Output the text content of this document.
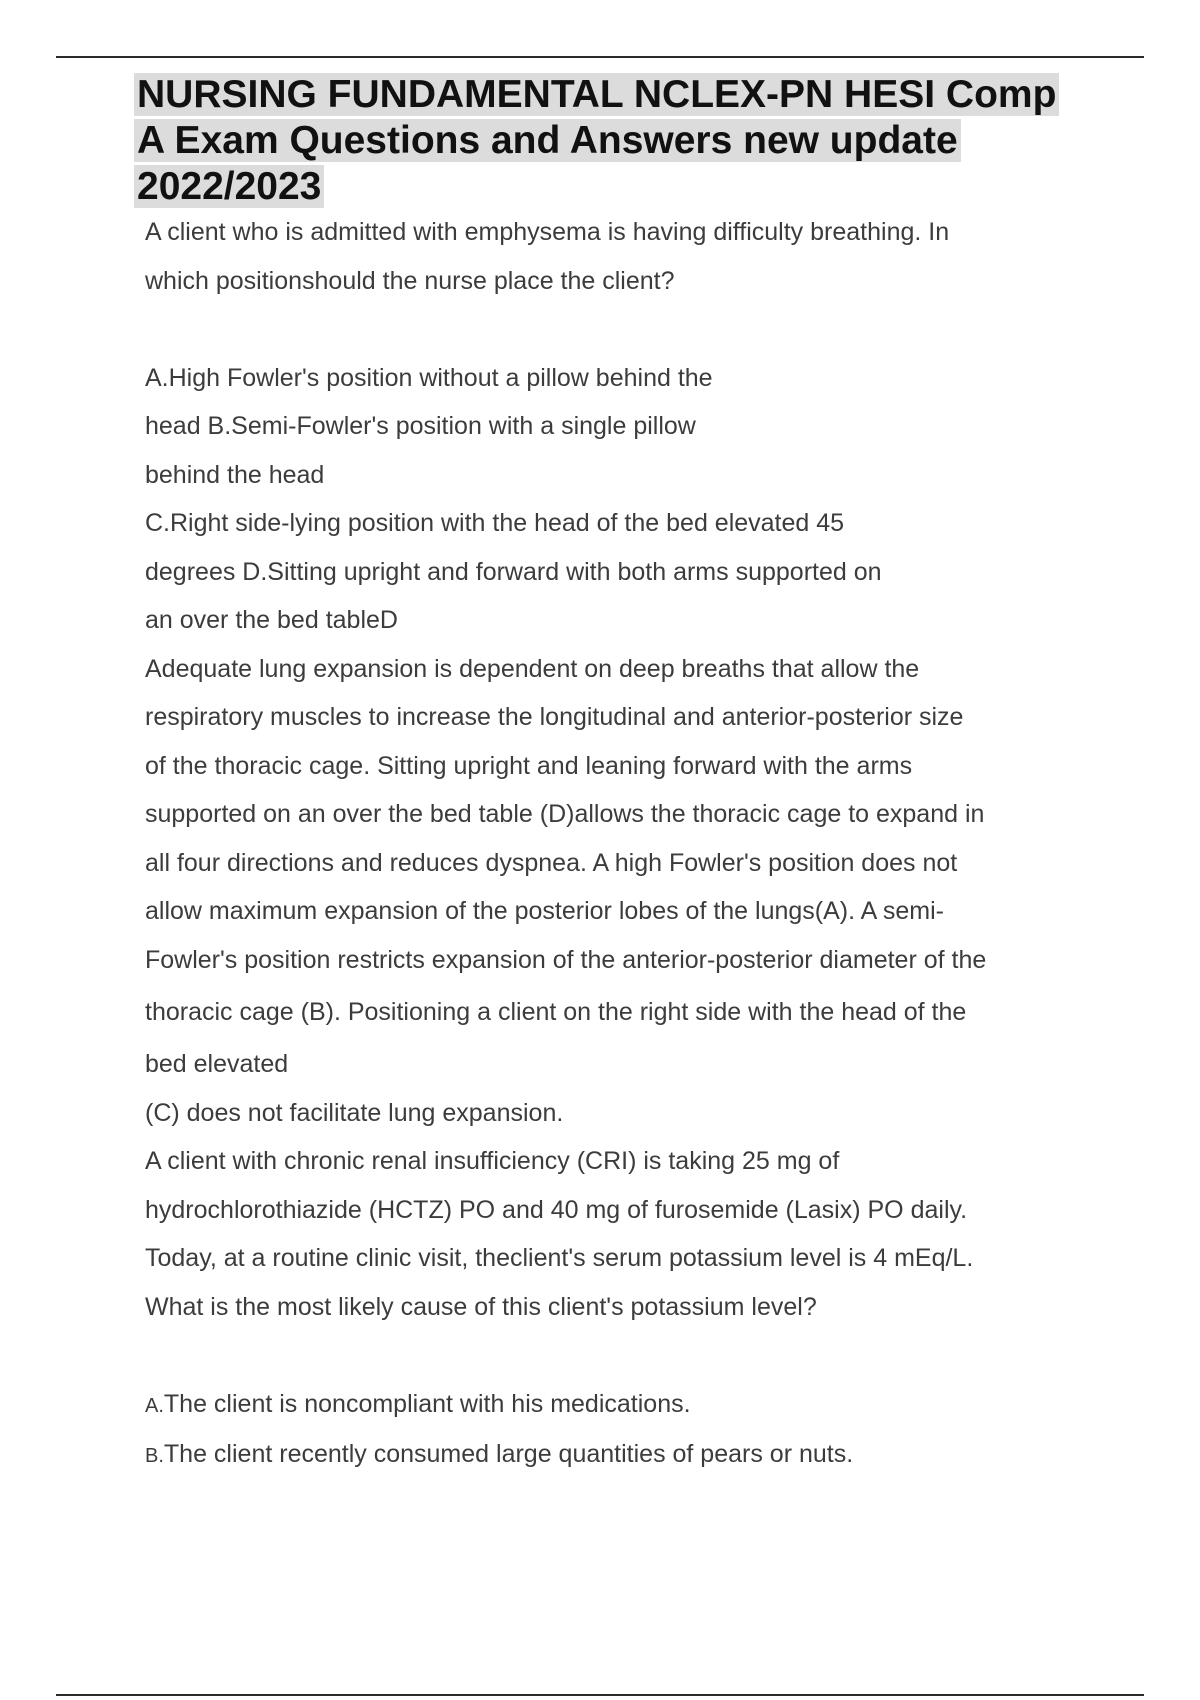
NURSING FUNDAMENTAL NCLEX-PN HESI Comp
A Exam Questions and Answers new update
2022/2023

A client who is admitted with emphysema is having difficulty breathing. In

which positionshould the nurse place the client?

A.High Fowler's position without a pillow behind the

head B.Semi-Fowler's position with a single pillow

behind the head

C.Right side-lying position with the head of the bed elevated 45

degrees D.Sitting upright and forward with both arms supported on

an over the bed tableD

Adequate lung expansion is dependent on deep breaths that allow the

respiratory muscles to increase the longitudinal and anterior-posterior size

of the thoracic cage. Sitting upright and leaning forward with the arms

supported on an over the bed table (D)allows the thoracic cage to expand in

all four directions and reduces dyspnea. A high Fowler's position does not

allow maximum expansion of the posterior lobes of the lungs(A). A semi-

Fowler's position restricts expansion of the anterior-posterior diameter of the

thoracic cage (B). Positioning a client on the right side with the head of the

bed elevated

(C) does not facilitate lung expansion.

A client with chronic renal insufficiency (CRI) is taking 25 mg of

hydrochlorothiazide (HCTZ) PO and 40 mg of furosemide (Lasix) PO daily.

Today, at a routine clinic visit, theclient's serum potassium level is 4 mEq/L.

What is the most likely cause of this client's potassium level?

A.The client is noncompliant with his medications.

B.The client recently consumed large quantities of pears or nuts.
